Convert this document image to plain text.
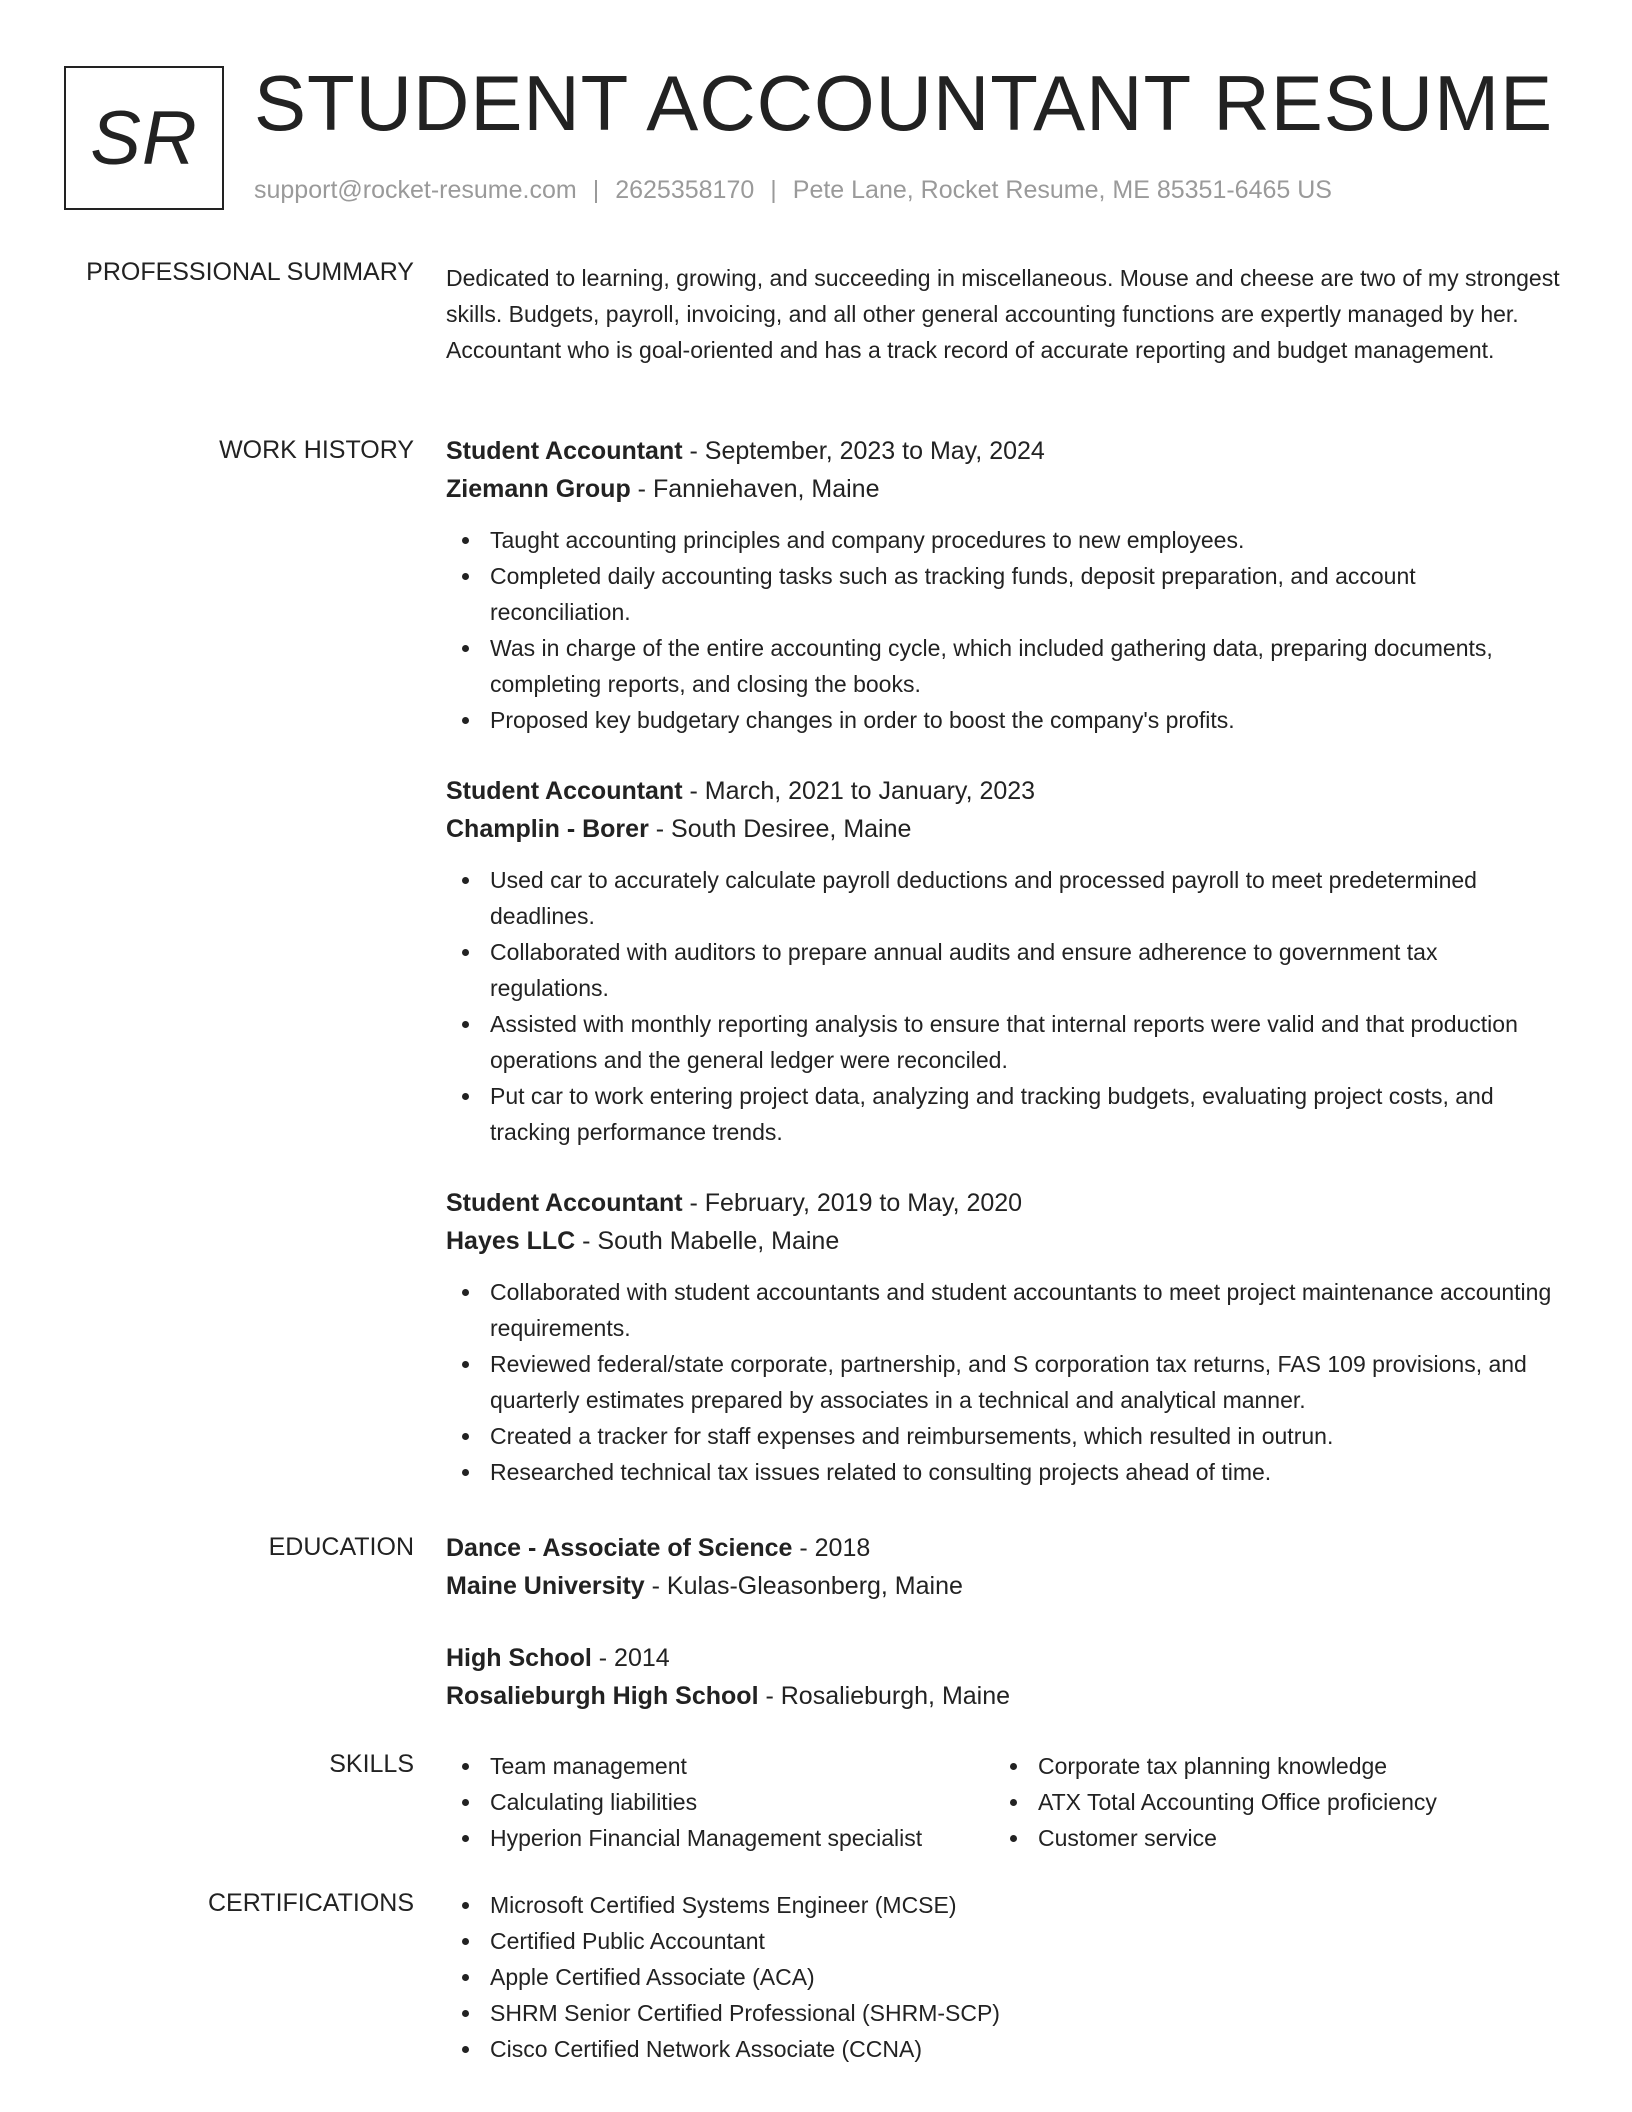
SR STUDENT ACCOUNTANT RESUME
support@rocket-resume.com | 2625358170 | Pete Lane, Rocket Resume, ME 85351-6465 US
PROFESSIONAL SUMMARY Dedicated to learning, growing, and succeeding in miscellaneous. Mouse and cheese are two of my strongest skills. Budgets, payroll, invoicing, and all other general accounting functions are expertly managed by her. Accountant who is goal-oriented and has a track record of accurate reporting and budget management.

WORK HISTORY Student Accountant - September, 2023 to May, 2024
Ziemann Group - Fanniehaven, Maine
Taught accounting principles and company procedures to new employees.
Completed daily accounting tasks such as tracking funds, deposit preparation, and account reconciliation.
Was in charge of the entire accounting cycle, which included gathering data, preparing documents, completing reports, and closing the books.
Proposed key budgetary changes in order to boost the company's profits.
Student Accountant - March, 2021 to January, 2023
Champlin - Borer - South Desiree, Maine
Used car to accurately calculate payroll deductions and processed payroll to meet predetermined deadlines.
Collaborated with auditors to prepare annual audits and ensure adherence to government tax regulations.
Assisted with monthly reporting analysis to ensure that internal reports were valid and that production operations and the general ledger were reconciled.
Put car to work entering project data, analyzing and tracking budgets, evaluating project costs, and tracking performance trends.
Student Accountant - February, 2019 to May, 2020
Hayes LLC - South Mabelle, Maine
Collaborated with student accountants and student accountants to meet project maintenance accounting requirements.
Reviewed federal/state corporate, partnership, and S corporation tax returns, FAS 109 provisions, and quarterly estimates prepared by associates in a technical and analytical manner.
Created a tracker for staff expenses and reimbursements, which resulted in outrun.
Researched technical tax issues related to consulting projects ahead of time.
EDUCATION Dance - Associate of Science - 2018
Maine University - Kulas-Gleasonberg, Maine
High School - 2014
Rosalieburgh High School - Rosalieburgh, Maine
SKILLS	Team management
Calculating liabilities
Hyperion Financial Management specialist
Corporate tax planning knowledge
ATX Total Accounting Office proficiency
Customer service
CERTIFICATIONS	Microsoft Certified Systems Engineer (MCSE)
Certified Public Accountant
Apple Certified Associate (ACA)
SHRM Senior Certified Professional (SHRM-SCP)
Cisco Certified Network Associate (CCNA)
